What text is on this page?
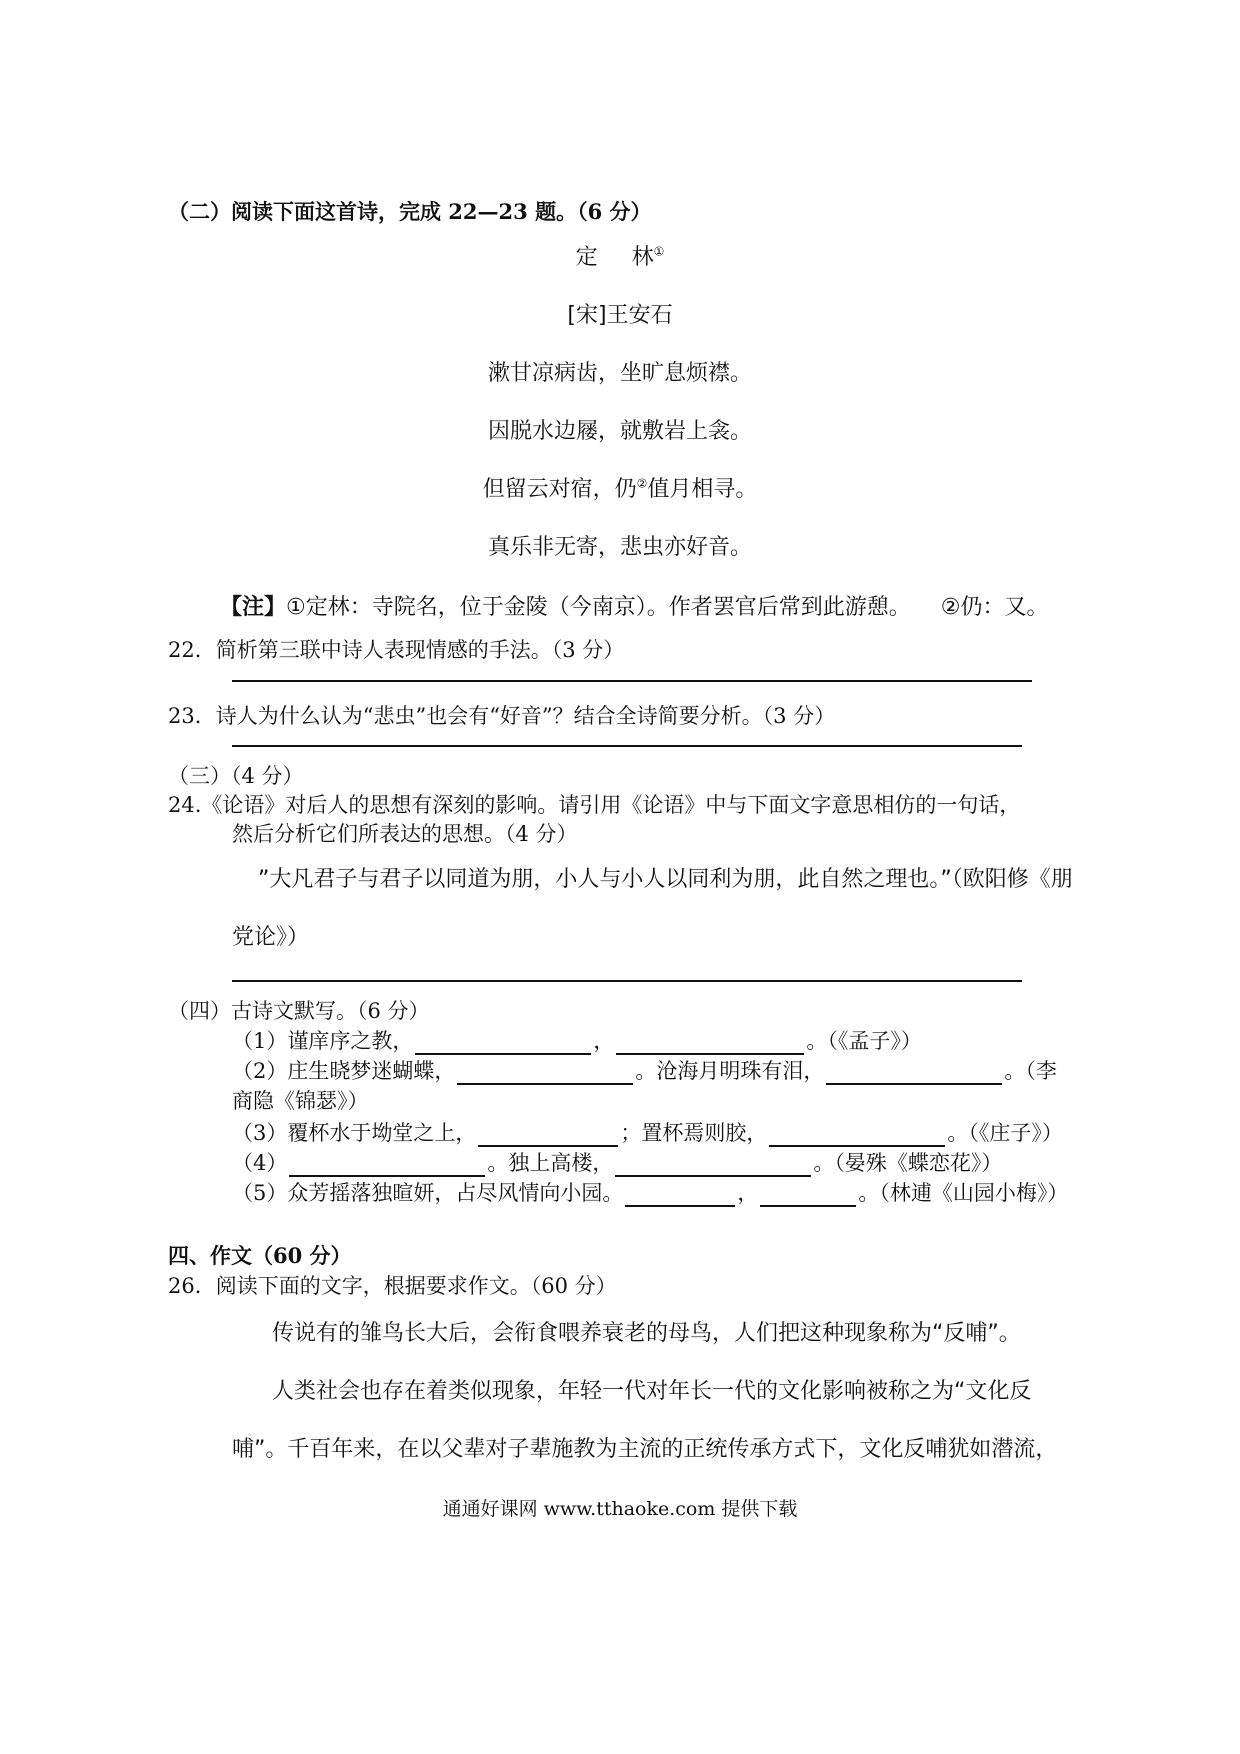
（二）阅读下面这首诗，完成 22—23 题。（6 分）
定 林①
[宋]王安石
漱甘凉病齿，坐旷息烦襟。
因脱水边屦，就敷岩上衾。
但留云对宿，仍②值月相寻。
真乐非无寄，悲虫亦好音。
【注】①定林：寺院名，位于金陵（今南京）。作者罢官后常到此游憩。 ②仍：又。
22．简析第三联中诗人表现情感的手法。（3 分）
23．诗人为什么认为“悲虫”也会有“好音”？结合全诗简要分析。（3 分）
（三）（4 分）
24.《论语》对后人的思想有深刻的影响。请引用《论语》中与下面文字意思相仿的一句话，
然后分析它们所表达的思想。（4 分）
”大凡君子与君子以同道为朋，小人与小人以同利为朋，此自然之理也。”（欧阳修《朋
党论》）
（四）古诗文默写。（6 分）
（1）谨庠序之教，	，	。（《孟子》）
（2）庄生晓梦迷蝴蝶，	。沧海月明珠有泪，	。（李
商隐《锦瑟》）
（3）覆杯水于坳堂之上，	；置杯焉则胶，	。（《庄子》）
（4）	。独上高楼，	。（晏殊《蝶恋花》）
（5）众芳摇落独暄妍，占尽风情向小园。	，	。（林逋《山园小梅》）
四、作文（60 分）
26．阅读下面的文字，根据要求作文。（60 分）
传说有的雏鸟长大后，会衔食喂养衰老的母鸟，人们把这种现象称为“反哺”。
人类社会也存在着类似现象，年轻一代对年长一代的文化影响被称之为“文化反
哺”。千百年来，在以父辈对子辈施教为主流的正统传承方式下，文化反哺犹如潜流，
通通好课网 www.tthaoke.com 提供下载
